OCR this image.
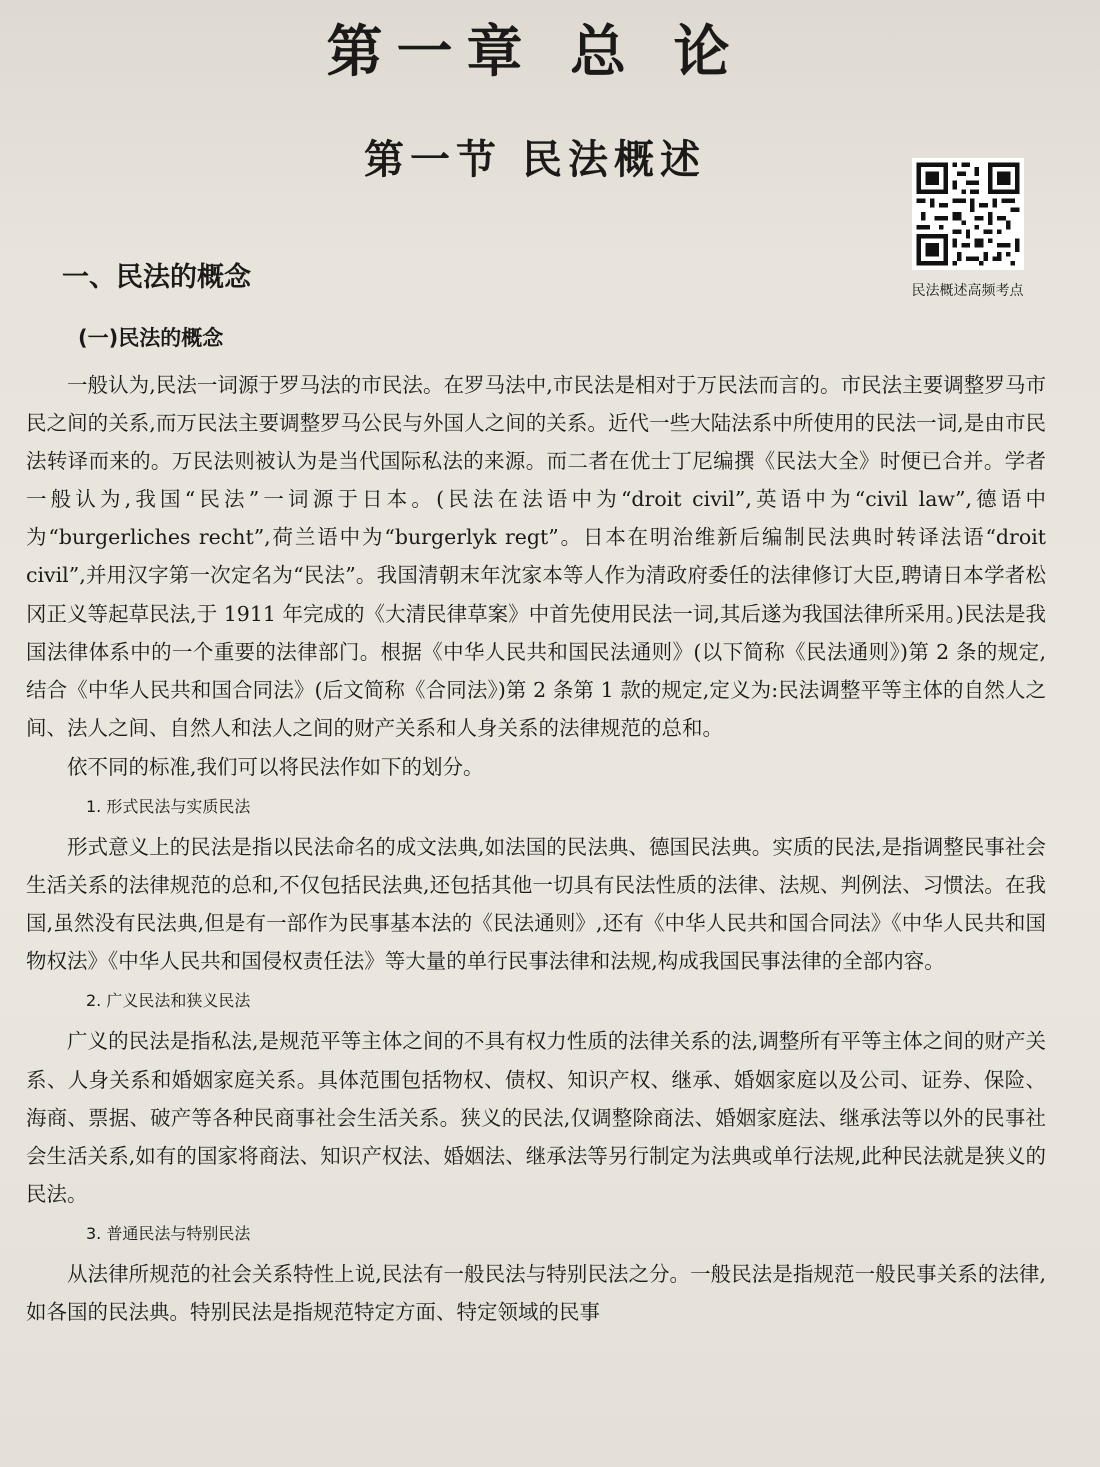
第一章 总 论
第一节 民法概述
民法概述高频考点
一、民法的概念
(一)民法的概念

一般认为,民法一词源于罗马法的市民法。在罗马法中,市民法是相对于万民法而言的。市民法主要调整罗马市民之间的关系,而万民法主要调整罗马公民与外国人之间的关系。近代一些大陆法系中所使用的民法一词,是由市民法转译而来的。万民法则被认为是当代国际私法的来源。而二者在优士丁尼编撰《民法大全》时便已合并。学者一般认为,我国“民法”一词源于日本。(民法在法语中为“droit civil”,英语中为“civil law”,德语中为“burgerliches recht”,荷兰语中为“burgerlyk regt”。日本在明治维新后编制民法典时转译法语“droit civil”,并用汉字第一次定名为“民法”。我国清朝末年沈家本等人作为清政府委任的法律修订大臣,聘请日本学者松冈正义等起草民法,于 1911 年完成的《大清民律草案》中首先使用民法一词,其后遂为我国法律所采用。)民法是我国法律体系中的一个重要的法律部门。根据《中华人民共和国民法通则》(以下简称《民法通则》)第 2 条的规定,结合《中华人民共和国合同法》(后文简称《合同法》)第 2 条第 1 款的规定,定义为:民法调整平等主体的自然人之间、法人之间、自然人和法人之间的财产关系和人身关系的法律规范的总和。

依不同的标准,我们可以将民法作如下的划分。

1. 形式民法与实质民法

形式意义上的民法是指以民法命名的成文法典,如法国的民法典、德国民法典。实质的民法,是指调整民事社会生活关系的法律规范的总和,不仅包括民法典,还包括其他一切具有民法性质的法律、法规、判例法、习惯法。在我国,虽然没有民法典,但是有一部作为民事基本法的《民法通则》,还有《中华人民共和国合同法》《中华人民共和国物权法》《中华人民共和国侵权责任法》等大量的单行民事法律和法规,构成我国民事法律的全部内容。

2. 广义民法和狭义民法

广义的民法是指私法,是规范平等主体之间的不具有权力性质的法律关系的法,调整所有平等主体之间的财产关系、人身关系和婚姻家庭关系。具体范围包括物权、债权、知识产权、继承、婚姻家庭以及公司、证券、保险、海商、票据、破产等各种民商事社会生活关系。狭义的民法,仅调整除商法、婚姻家庭法、继承法等以外的民事社会生活关系,如有的国家将商法、知识产权法、婚姻法、继承法等另行制定为法典或单行法规,此种民法就是狭义的民法。

3. 普通民法与特别民法

从法律所规范的社会关系特性上说,民法有一般民法与特别民法之分。一般民法是指规范一般民事关系的法律,如各国的民法典。特别民法是指规范特定方面、特定领域的民事
